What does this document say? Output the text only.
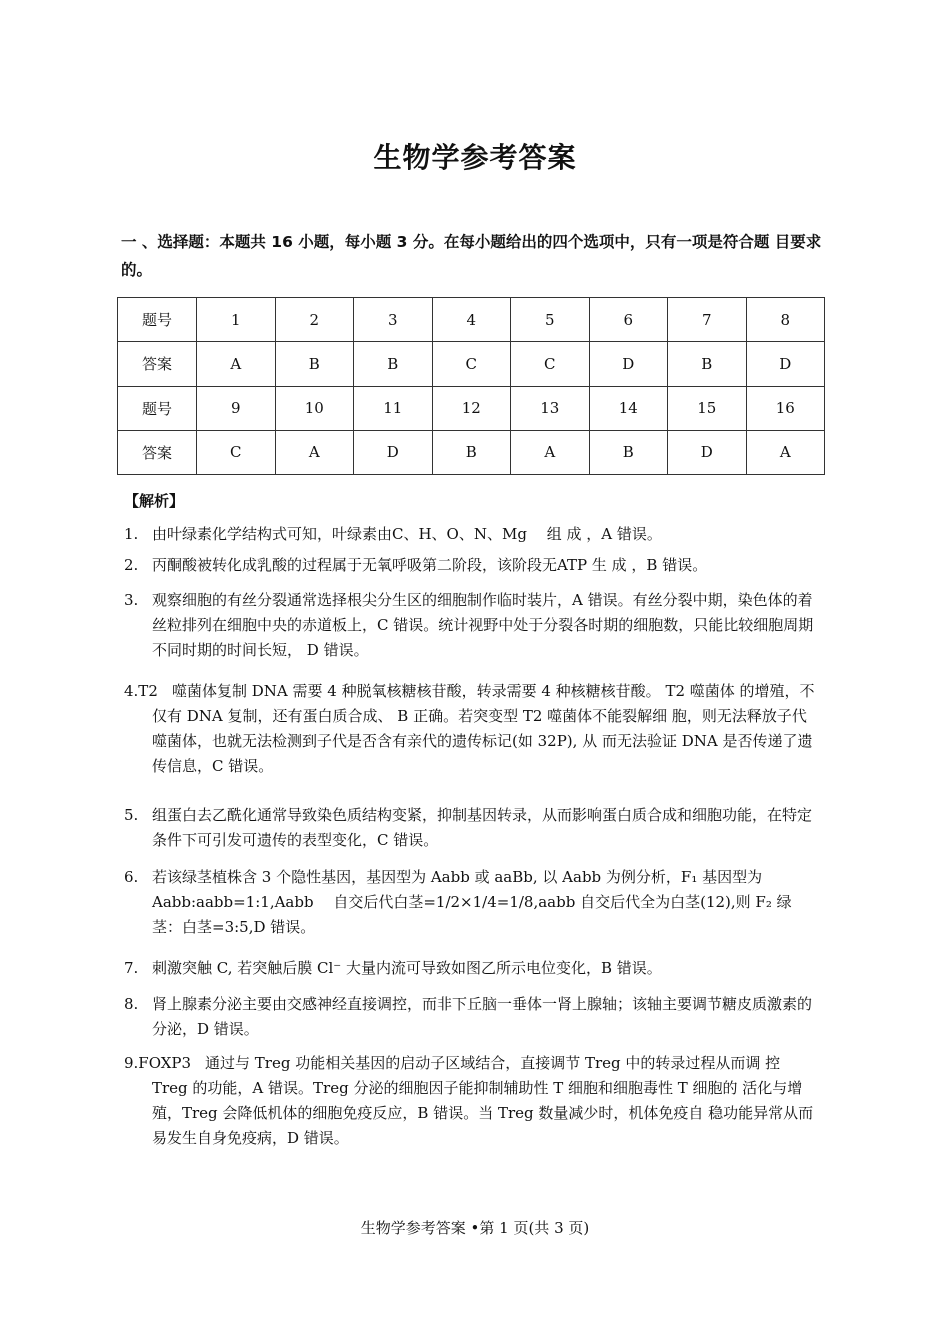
生物学参考答案
一 、选择题：本题共 16 小题，每小题 3 分。在每小题给出的四个选项中，只有一项是符合题 目要求的。
题号	1	2	3	4	5	6	7	8
答案	A	B	B	C	C	D	B	D
题号	9	10	11	12	13	14	15	16
答案	C	A	D	B	A	B	D	A
【解析】
1. 由叶绿素化学结构式可知，叶绿素由C、H、O、N、Mg　 组 成 ，A 错误。
2. 丙酮酸被转化成乳酸的过程属于无氧呼吸第二阶段，该阶段无ATP 生 成 ，B 错误。
3. 观察细胞的有丝分裂通常选择根尖分生区的细胞制作临时装片，A 错误。有丝分裂中期，染色体的着丝粒排列在细胞中央的赤道板上，C 错误。统计视野中处于分裂各时期的细胞数，只能比较细胞周期不同时期的时间长短， D 错误。
4.T2 噬菌体复制 DNA 需要 4 种脱氧核糖核苷酸，转录需要 4 种核糖核苷酸。 T2 噬菌体 的增殖，不仅有 DNA 复制，还有蛋白质合成、 B 正确。若突变型 T2 噬菌体不能裂解细 胞，则无法释放子代噬菌体，也就无法检测到子代是否含有亲代的遗传标记(如 32P), 从 而无法验证 DNA 是否传递了遗传信息，C 错误。
5. 组蛋白去乙酰化通常导致染色质结构变紧，抑制基因转录，从而影响蛋白质合成和细胞功能，在特定条件下可引发可遗传的表型变化，C 错误。
6. 若该绿茎植株含 3 个隐性基因，基因型为 Aabb 或 aaBb, 以 Aabb 为例分析，F₁ 基因型为 Aabb:aabb=1:1,Aabb　 自交后代白茎=1/2×1/4=1/8,aabb 自交后代全为白茎(12),则 F₂ 绿茎：白茎=3:5,D 错误。
7. 刺激突触 C, 若突触后膜 Cl⁻ 大量内流可导致如图乙所示电位变化，B 错误。
8. 肾上腺素分泌主要由交感神经直接调控，而非下丘脑一垂体一肾上腺轴；该轴主要调节糖皮质激素的分泌，D 错误。
9.FOXP3 通过与 Treg 功能相关基因的启动子区域结合，直接调节 Treg 中的转录过程从而调 控 Treg 的功能，A 错误。Treg 分泌的细胞因子能抑制辅助性 T 细胞和细胞毒性 T 细胞的 活化与增殖，Treg 会降低机体的细胞免疫反应，B 错误。当 Treg 数量减少时，机体免疫自 稳功能异常从而易发生自身免疫病，D 错误。
生物学参考答案 •第 1 页(共 3 页)
